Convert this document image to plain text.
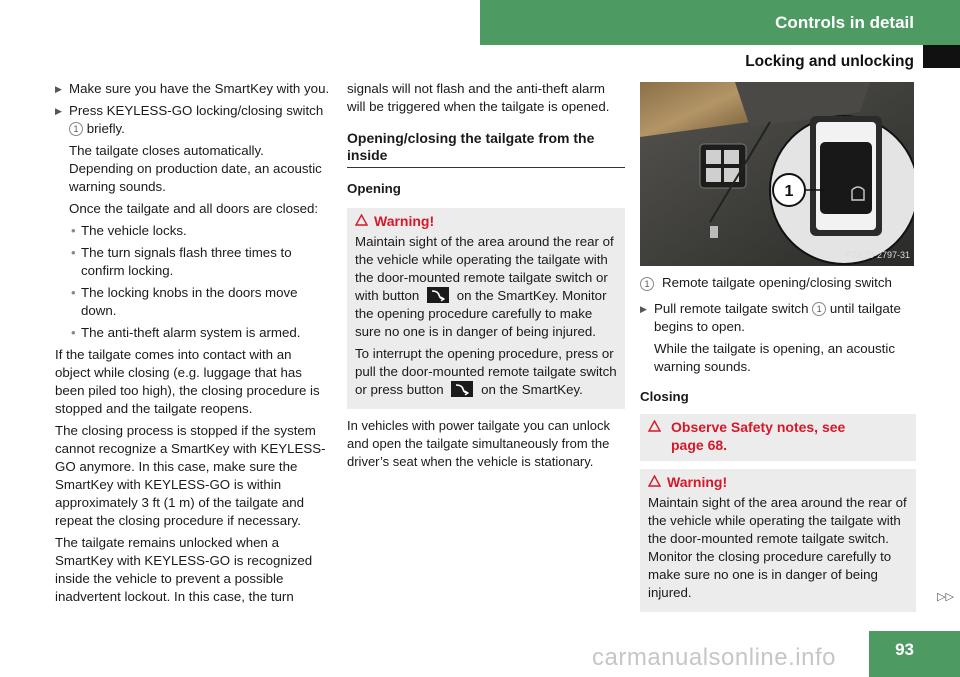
Controls in detail
Locking and unlocking
▶ Make sure you have the SmartKey with you.
▶ Press KEYLESS-GO locking/closing switch 1 briefly.
The tailgate closes automatically. Depending on production date, an acoustic warning sounds.
Once the tailgate and all doors are closed:
• The vehicle locks.
• The turn signals flash three times to confirm locking.
• The locking knobs in the doors move down.
• The anti-theft alarm system is armed.

If the tailgate comes into contact with an object while closing (e.g. luggage that has been piled too high), the closing procedure is stopped and the tailgate reopens.

The closing process is stopped if the system cannot recognize a SmartKey with KEYLESS-GO anymore. In this case, make sure the SmartKey with KEYLESS-GO is within approximately 3 ft (1 m) of the tailgate and repeat the closing procedure if necessary.

The tailgate remains unlocked when a SmartKey with KEYLESS-GO is recognized inside the vehicle to prevent a possible inadvertent lockout. In this case, the turn

signals will not flash and the anti-theft alarm will be triggered when the tailgate is opened.

Opening/closing the tailgate from the inside
Opening
Warning!

Maintain sight of the area around the rear of the vehicle while operating the tailgate with the door-mounted remote tailgate switch or with button	on the SmartKey. Monitor the opening procedure carefully to make sure no one is in danger of being injured.

To interrupt the opening procedure, press or pull the door-mounted remote tailgate switch or press button	on the SmartKey.

In vehicles with power tailgate you can unlock and open the tailgate simultaneously from the driver’s seat when the vehicle is stationary.

1
P72.20-2797-31
1 Remote tailgate opening/closing switch
▶ Pull remote tailgate switch 1 until tailgate begins to open.
While the tailgate is opening, an acoustic warning sounds.
Closing
Observe Safety notes, see page 68.
Warning!

Maintain sight of the area around the rear of the vehicle while operating the tailgate with the door-mounted remote tailgate switch. Monitor the closing procedure carefully to make sure no one is in danger of being injured.	▷▷
carmanualsonline.info	93
